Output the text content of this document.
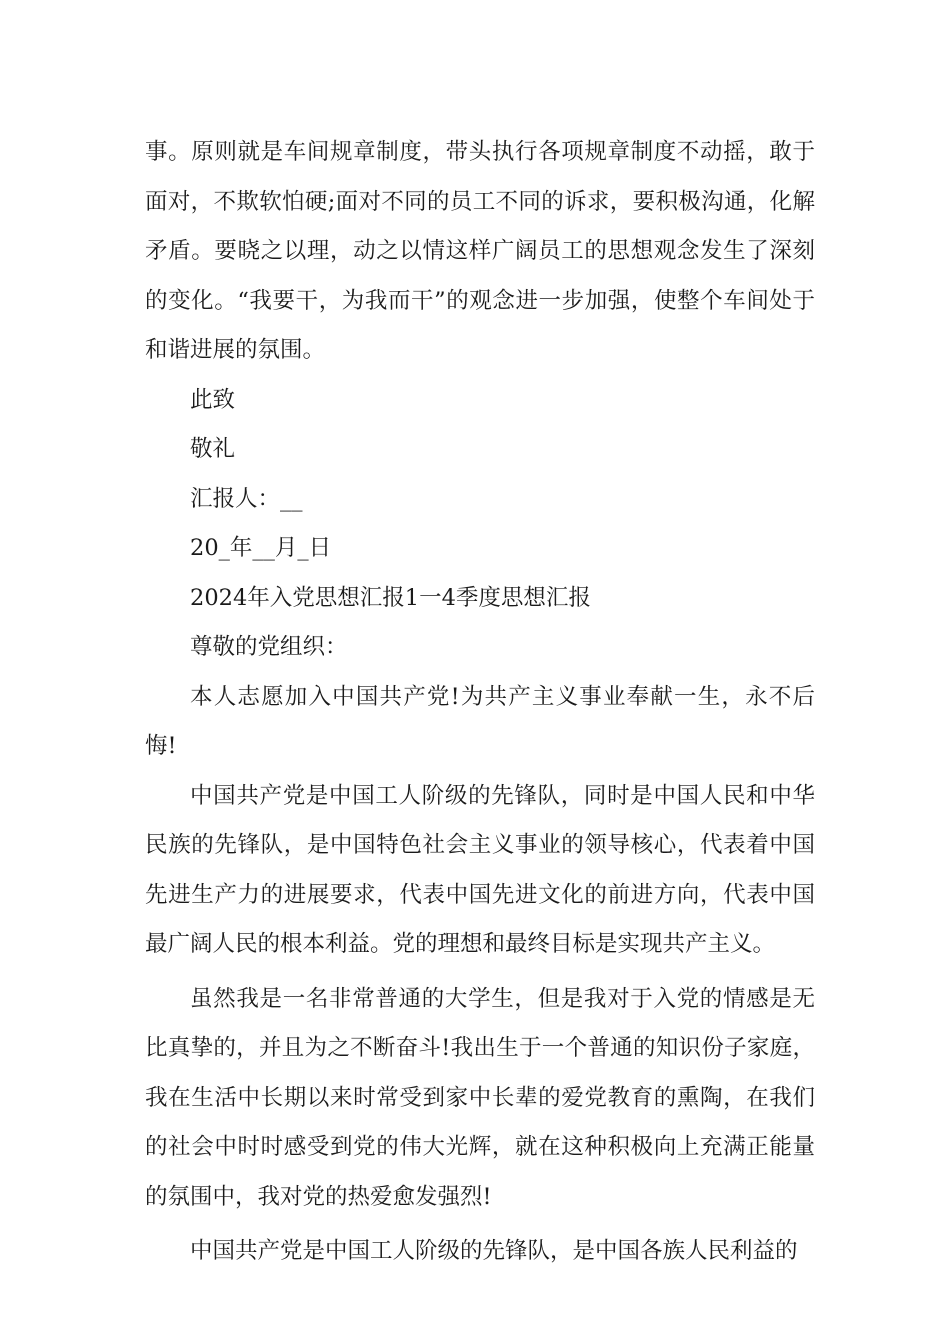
事。原则就是车间规章制度，带头执行各项规章制度不动摇，敢于面对，不欺软怕硬;面对不同的员工不同的诉求，要积极沟通，化解矛盾。要晓之以理，动之以情这样广阔员工的思想观念发生了深刻的变化。“我要干，为我而干”的观念进一步加强，使整个车间处于和谐进展的氛围。

此致

敬礼

汇报人：__

20_年__月_日

2024年入党思想汇报1一4季度思想汇报

尊敬的党组织：

本人志愿加入中国共产党!为共产主义事业奉献一生，永不后悔!

中国共产党是中国工人阶级的先锋队，同时是中国人民和中华民族的先锋队，是中国特色社会主义事业的领导核心，代表着中国先进生产力的进展要求，代表中国先进文化的前进方向，代表中国最广阔人民的根本利益。党的理想和最终目标是实现共产主义。

虽然我是一名非常普通的大学生，但是我对于入党的情感是无比真挚的，并且为之不断奋斗!我出生于一个普通的知识份子家庭，我在生活中长期以来时常受到家中长辈的爱党教育的熏陶，在我们的社会中时时感受到党的伟大光辉，就在这种积极向上充满正能量的氛围中，我对党的热爱愈发强烈!

中国共产党是中国工人阶级的先锋队，是中国各族人民利益的
